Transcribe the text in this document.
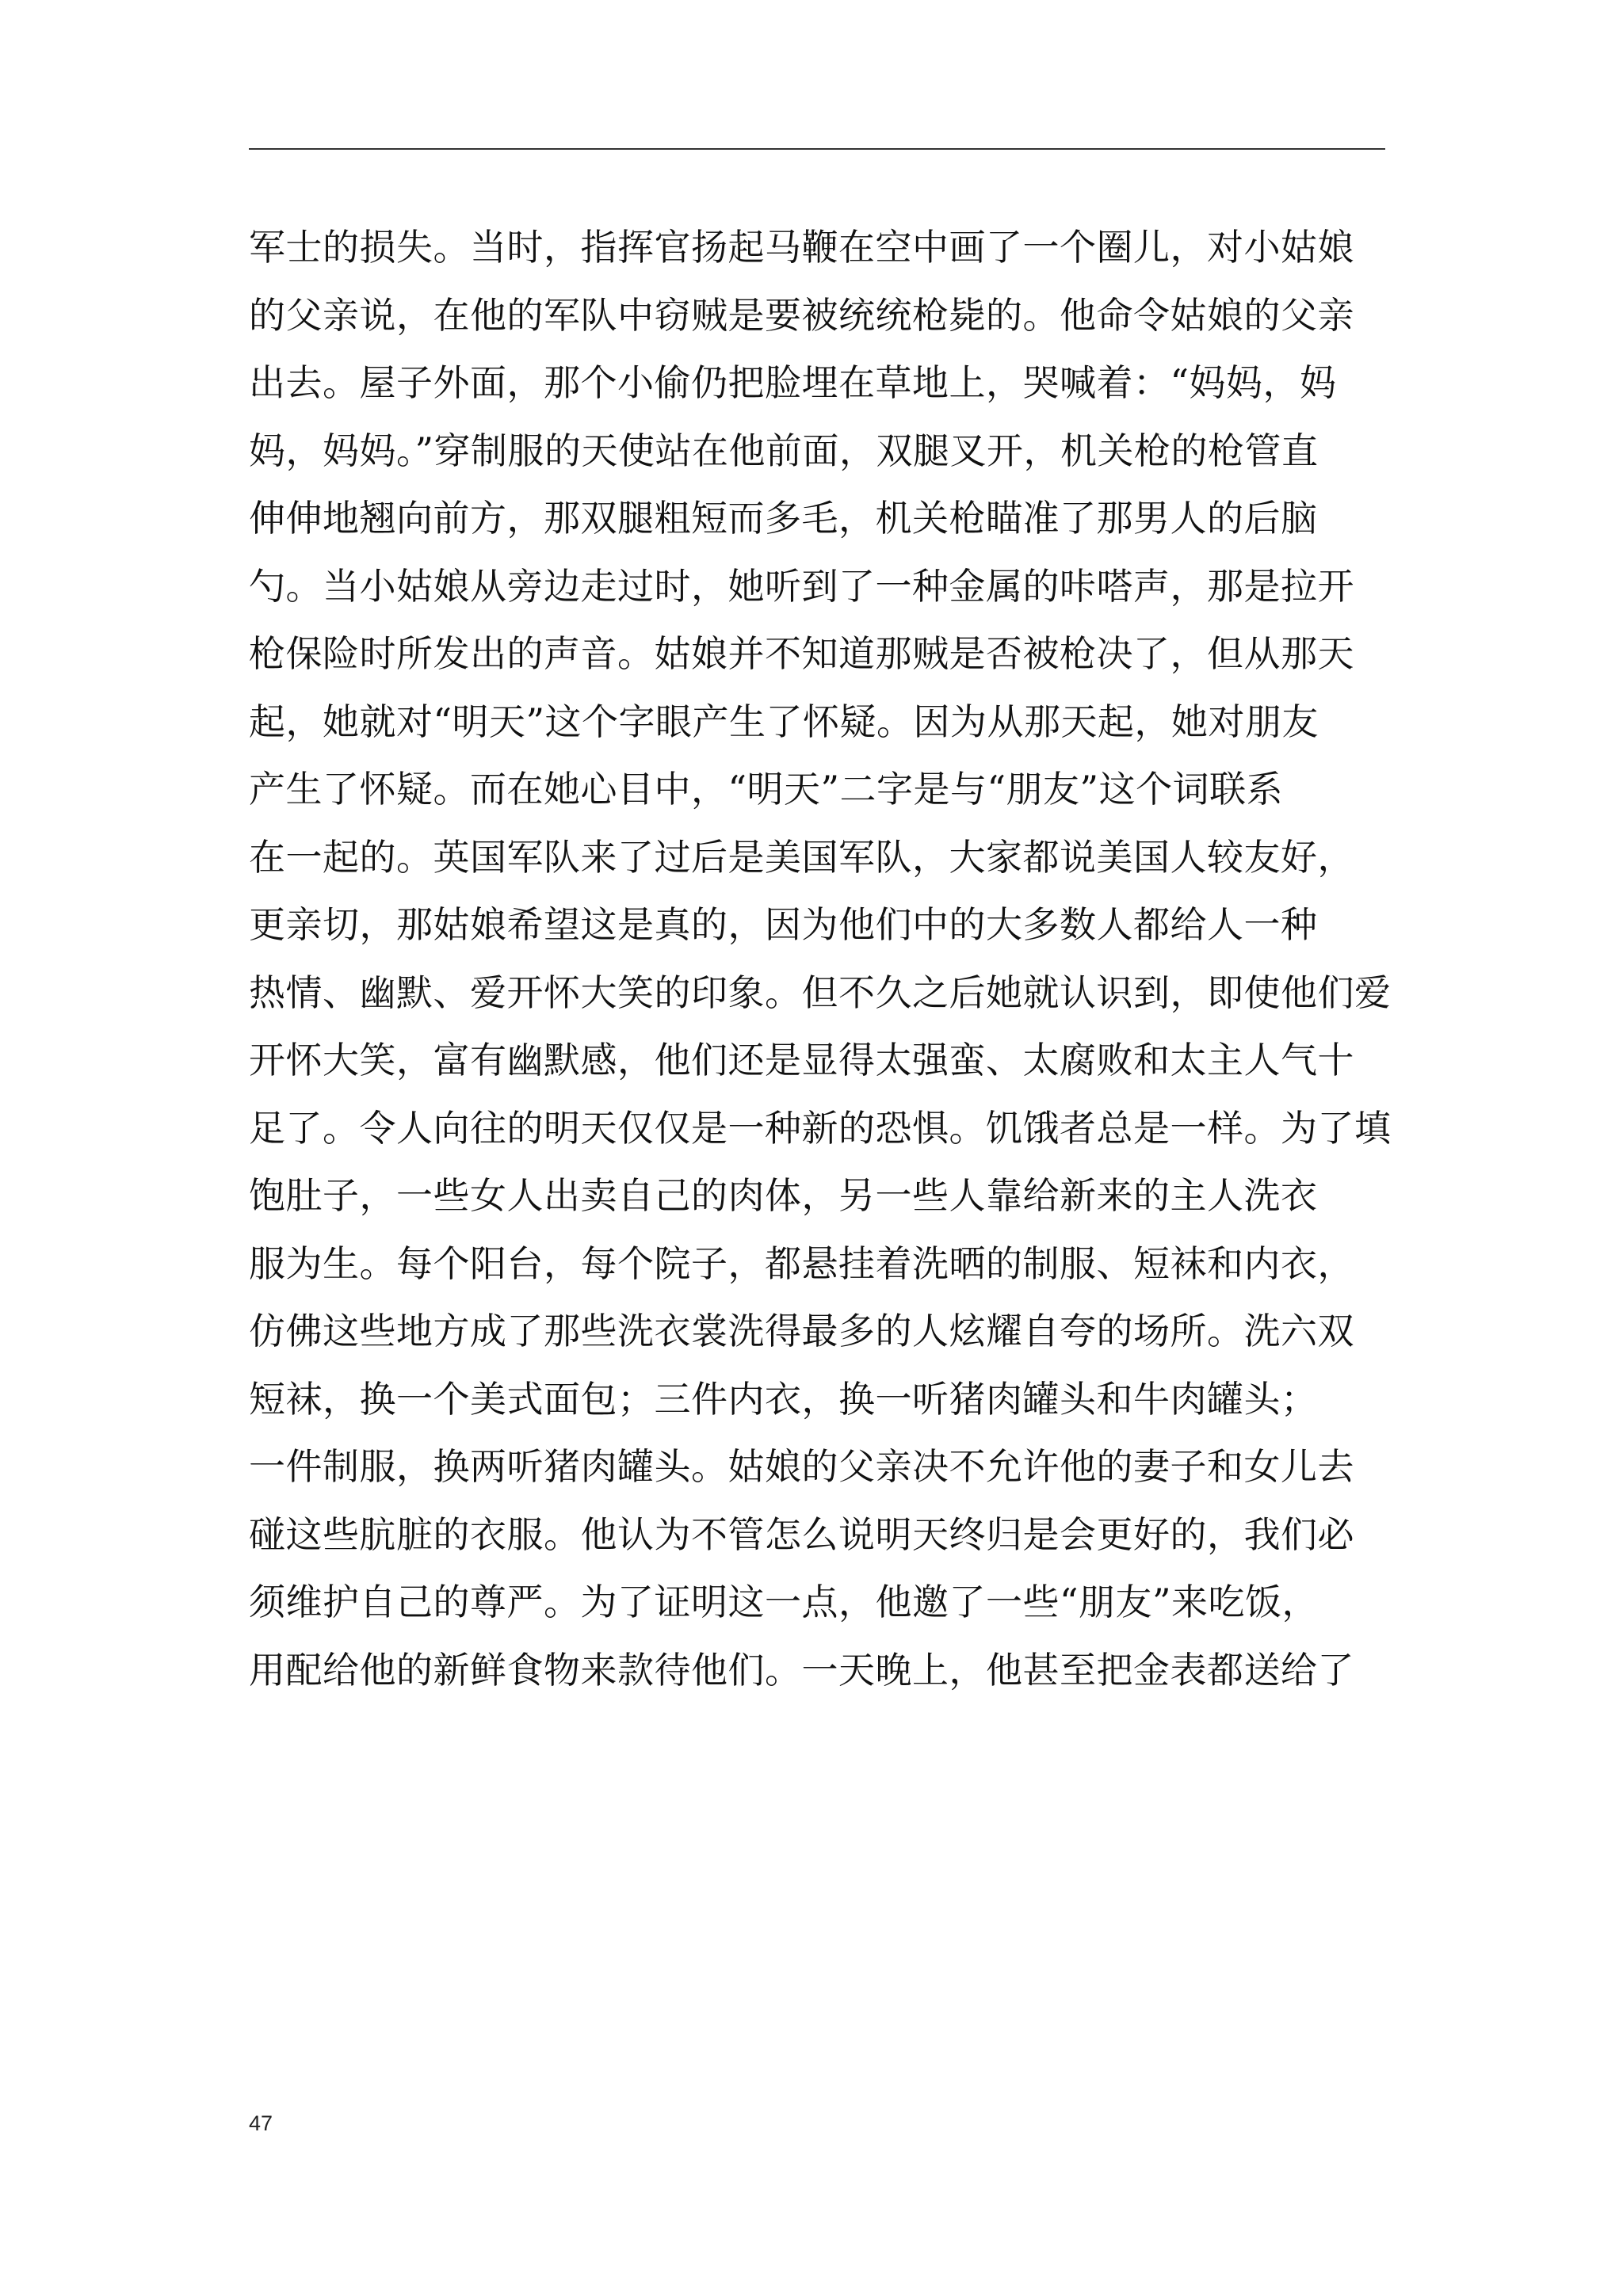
军士的损失。当时，指挥官扬起马鞭在空中画了一个圈儿，对小姑娘
的父亲说，在他的军队中窃贼是要被统统枪毙的。他命令姑娘的父亲
出去。屋子外面，那个小偷仍把脸埋在草地上，哭喊着：“妈妈，妈
妈，妈妈。”穿制服的天使站在他前面，双腿叉开，机关枪的枪管直
伸伸地翘向前方，那双腿粗短而多毛，机关枪瞄准了那男人的后脑
勺。当小姑娘从旁边走过时，她听到了一种金属的咔嗒声，那是拉开
枪保险时所发出的声音。姑娘并不知道那贼是否被枪决了，但从那天
起，她就对“明天”这个字眼产生了怀疑。因为从那天起，她对朋友
产生了怀疑。而在她心目中，“明天”二字是与“朋友”这个词联系
在一起的。英国军队来了过后是美国军队，大家都说美国人较友好，
更亲切，那姑娘希望这是真的，因为他们中的大多数人都给人一种
热情、幽默、爱开怀大笑的印象。但不久之后她就认识到，即使他们爱
开怀大笑，富有幽默感，他们还是显得太强蛮、太腐败和太主人气十
足了。令人向往的明天仅仅是一种新的恐惧。饥饿者总是一样。为了填
饱肚子，一些女人出卖自己的肉体，另一些人靠给新来的主人洗衣
服为生。每个阳台，每个院子，都悬挂着洗晒的制服、短袜和内衣，
仿佛这些地方成了那些洗衣裳洗得最多的人炫耀自夸的场所。洗六双
短袜，换一个美式面包；三件内衣，换一听猪肉罐头和牛肉罐头；
一件制服，换两听猪肉罐头。姑娘的父亲决不允许他的妻子和女儿去
碰这些肮脏的衣服。他认为不管怎么说明天终归是会更好的，我们必
须维护自己的尊严。为了证明这一点，他邀了一些“朋友”来吃饭，
用配给他的新鲜食物来款待他们。一天晚上，他甚至把金表都送给了
47
